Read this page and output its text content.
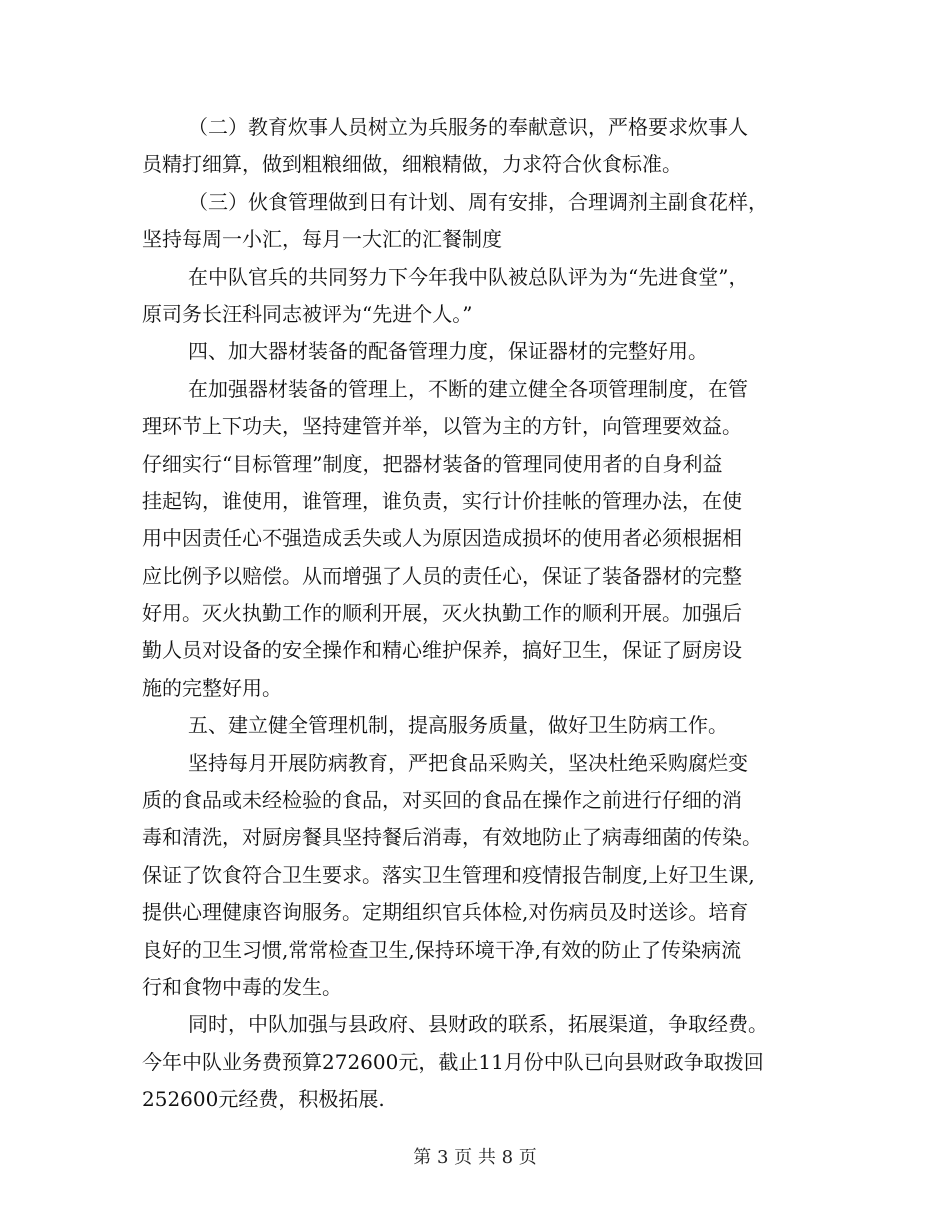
（二）教育炊事人员树立为兵服务的奉献意识，严格要求炊事人
员精打细算，做到粗粮细做，细粮精做，力求符合伙食标准。
（三）伙食管理做到日有计划、周有安排，合理调剂主副食花样，
坚持每周一小汇，每月一大汇的汇餐制度
在中队官兵的共同努力下今年我中队被总队评为为“先进食堂”，
原司务长汪科同志被评为“先进个人。”
四、加大器材装备的配备管理力度，保证器材的完整好用。
在加强器材装备的管理上，不断的建立健全各项管理制度，在管
理环节上下功夫，坚持建管并举，以管为主的方针，向管理要效益。
仔细实行“目标管理”制度，把器材装备的管理同使用者的自身利益
挂起钩，谁使用，谁管理，谁负责，实行计价挂帐的管理办法，在使
用中因责任心不强造成丢失或人为原因造成损坏的使用者必须根据相
应比例予以赔偿。从而增强了人员的责任心，保证了装备器材的完整
好用。灭火执勤工作的顺利开展，灭火执勤工作的顺利开展。加强后
勤人员对设备的安全操作和精心维护保养，搞好卫生，保证了厨房设
施的完整好用。
五、建立健全管理机制，提高服务质量，做好卫生防病工作。
坚持每月开展防病教育，严把食品采购关，坚决杜绝采购腐烂变
质的食品或未经检验的食品，对买回的食品在操作之前进行仔细的消
毒和清洗，对厨房餐具坚持餐后消毒，有效地防止了病毒细菌的传染。
保证了饮食符合卫生要求。落实卫生管理和疫情报告制度,上好卫生课,
提供心理健康咨询服务。定期组织官兵体检,对伤病员及时送诊。培育
良好的卫生习惯,常常检查卫生,保持环境干净,有效的防止了传染病流
行和食物中毒的发生。
同时，中队加强与县政府、县财政的联系，拓展渠道，争取经费。
今年中队业务费预算272600元，截止11月份中队已向县财政争取拨回
252600元经费，积极拓展.
第 3 页 共 8 页
